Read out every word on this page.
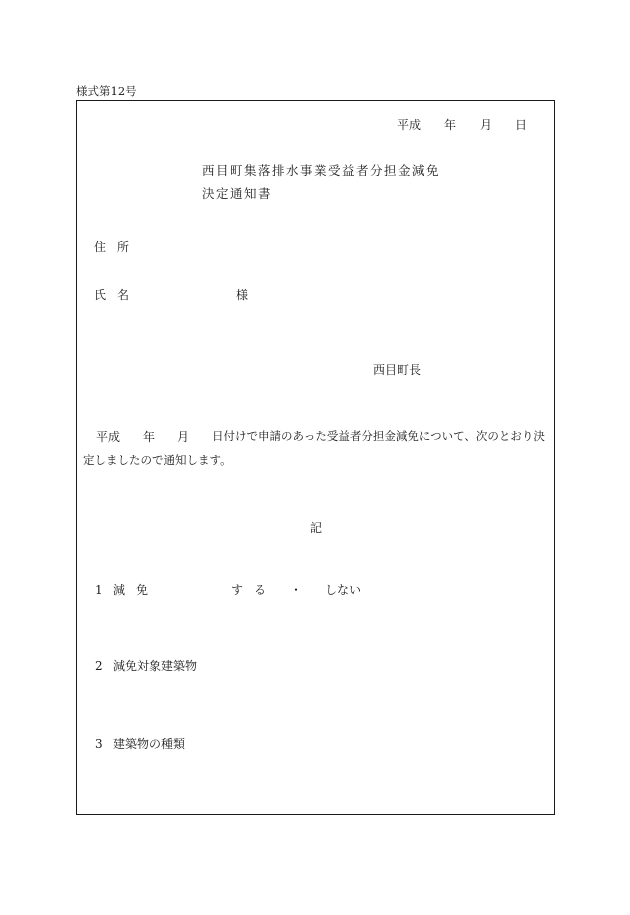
様式第12号
平成 年 月 日
西目町集落排水事業受益者分担金減免
決定通知書
住 所
氏 名	様
西目町長
平成 年 月 日付けで申請のあった受益者分担金減免について、次のとおり決
定しましたので通知します。
記
1 減 免	す る ・ しない
2 減免対象建築物
3 建築物の種類
